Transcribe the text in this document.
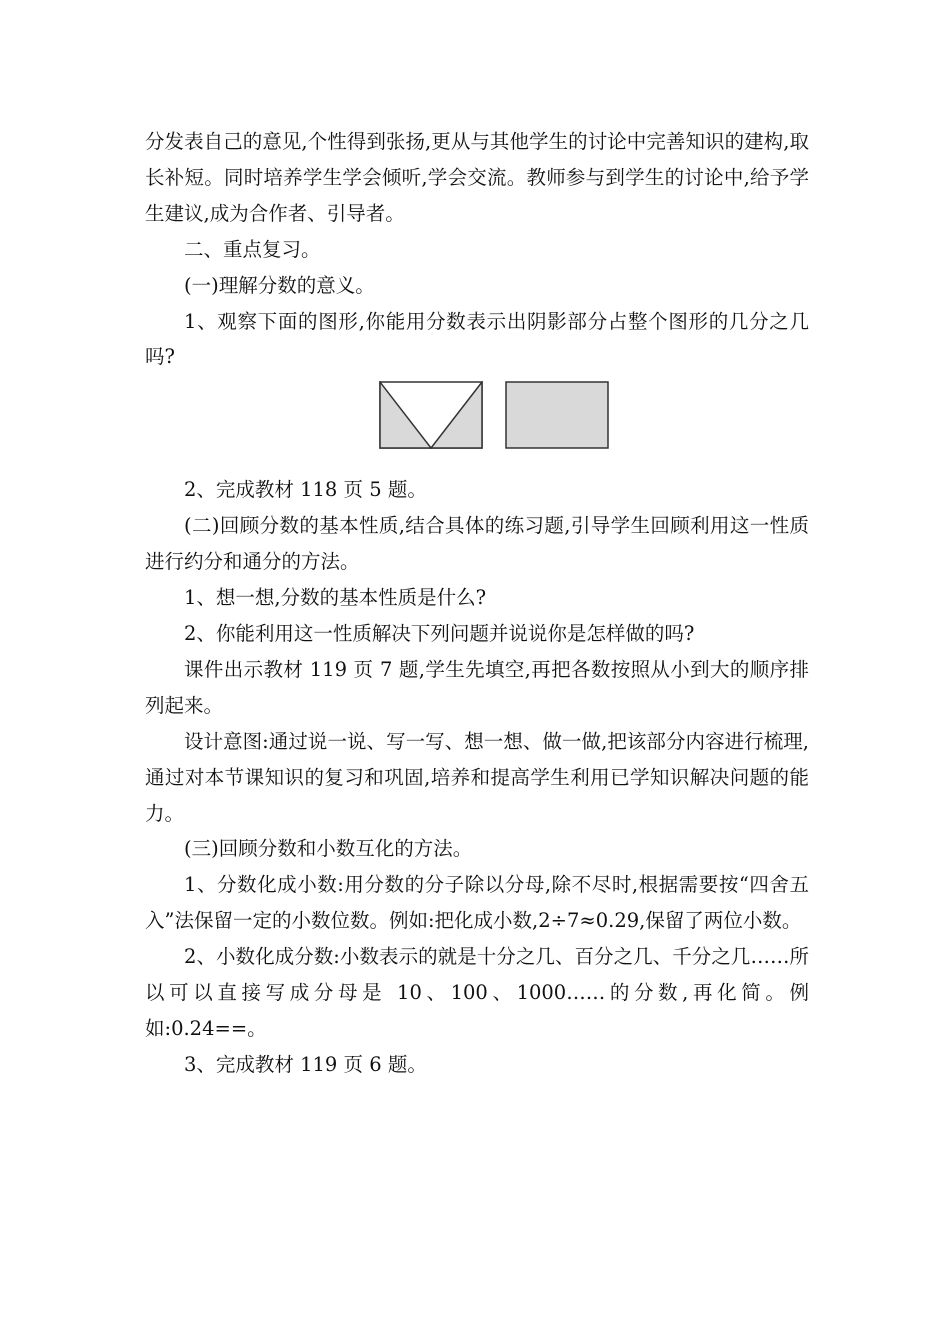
分发表自己的意见,个性得到张扬,更从与其他学生的讨论中完善知识的建构,取长补短。同时培养学生学会倾听,学会交流。教师参与到学生的讨论中,给予学生建议,成为合作者、引导者。

二、重点复习。

(一)理解分数的意义。

1、观察下面的图形,你能用分数表示出阴影部分占整个图形的几分之几吗?

2、完成教材 118 页 5 题。

(二)回顾分数的基本性质,结合具体的练习题,引导学生回顾利用这一性质进行约分和通分的方法。

1、想一想,分数的基本性质是什么?

2、你能利用这一性质解决下列问题并说说你是怎样做的吗?

课件出示教材 119 页 7 题,学生先填空,再把各数按照从小到大的顺序排列起来。

设计意图:通过说一说、写一写、想一想、做一做,把该部分内容进行梳理,通过对本节课知识的复习和巩固,培养和提高学生利用已学知识解决问题的能力。

(三)回顾分数和小数互化的方法。

1、分数化成小数:用分数的分子除以分母,除不尽时,根据需要按“四舍五入”法保留一定的小数位数。例如:把化成小数,2÷7≈0.29,保留了两位小数。

2、小数化成分数:小数表示的就是十分之几、百分之几、千分之几……所以可以直接写成分母是 10、100、1000……的分数,再化简。例如:0.24==。

3、完成教材 119 页 6 题。
